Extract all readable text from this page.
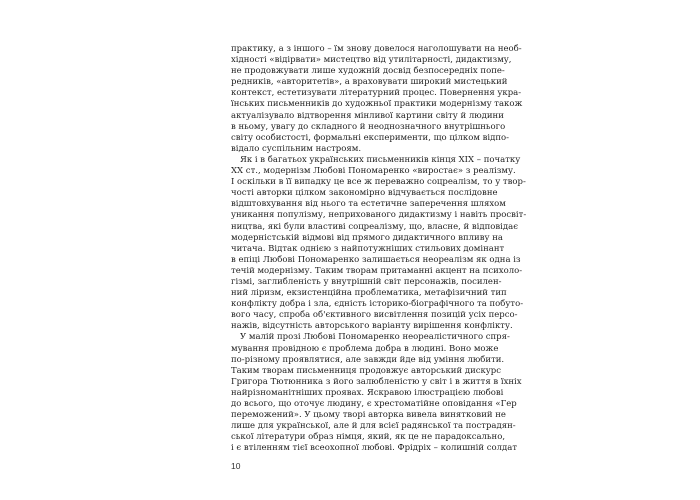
практику, а з іншого – їм знову довелося наголошувати на необ-
хідності «відірвати» мистецтво від утилітарності, дидактизму,
не продовжувати лише художній досвід безпосередніх попе-
редників, «авторитетів», а враховувати широкий мистецький
контекст, естетизувати літературний процес. Повернення укра-
їнських письменників до художньої практики модернізму також
актуалізувало відтворення мінливої картини світу й людини
в ньому, увагу до складного й неоднозначного внутрішнього
світу особистості, формальні експерименти, що цілком відпо-
відало суспільним настроям.
Як і в багатьох українських письменників кінця ХІХ – початку
ХХ ст., модернізм Любові Пономаренко «виростає» з реалізму.
І оскільки в її випадку це все ж переважно соцреалізм, то у твор-
чості авторки цілком закономірно відчувається послідовне
відштовхування від нього та естетичне заперечення шляхом
уникання популізму, неприхованого дидактизму і навіть просвіт-
ництва, які були властиві соцреалізму, що, власне, й відповідає
модерністській відмові від прямого дидактичного впливу на
читача. Відтак однією з найпотужніших стильових домінант
в епіці Любові Пономаренко залишається неореалізм як одна із
течій модернізму. Таким творам притаманні акцент на психоло-
гізмі, заглибленість у внутрішній світ персонажів, посилен-
ний ліризм, екзистенційна проблематика, метафізичний тип
конфлікту добра і зла, єдність історико-біографічного та побуто-
вого часу, спроба об'єктивного висвітлення позицій усіх персо-
нажів, відсутність авторського варіанту вирішення конфлікту.
У малій прозі Любові Пономаренко неореалістичного спря-
мування провідною є проблема добра в людині. Воно може
по-різному проявлятися, але завжди йде від уміння любити.
Таким творам письменниця продовжує авторський дискурс
Григора Тютюнника з його залюбленістю у світ і в життя в їхніх
найрізноманітніших проявах. Яскравою ілюстрацією любові
до всього, що оточує людину, є хрестоматійне оповідання «Гер
переможений». У цьому творі авторка вивела винятковий не
лише для української, але й для всієї радянської та пострадян-
ської літератури образ німця, який, як це не парадоксально,
і є втіленням тієї всеохопної любові. Фрідріх – колишній солдат
10
